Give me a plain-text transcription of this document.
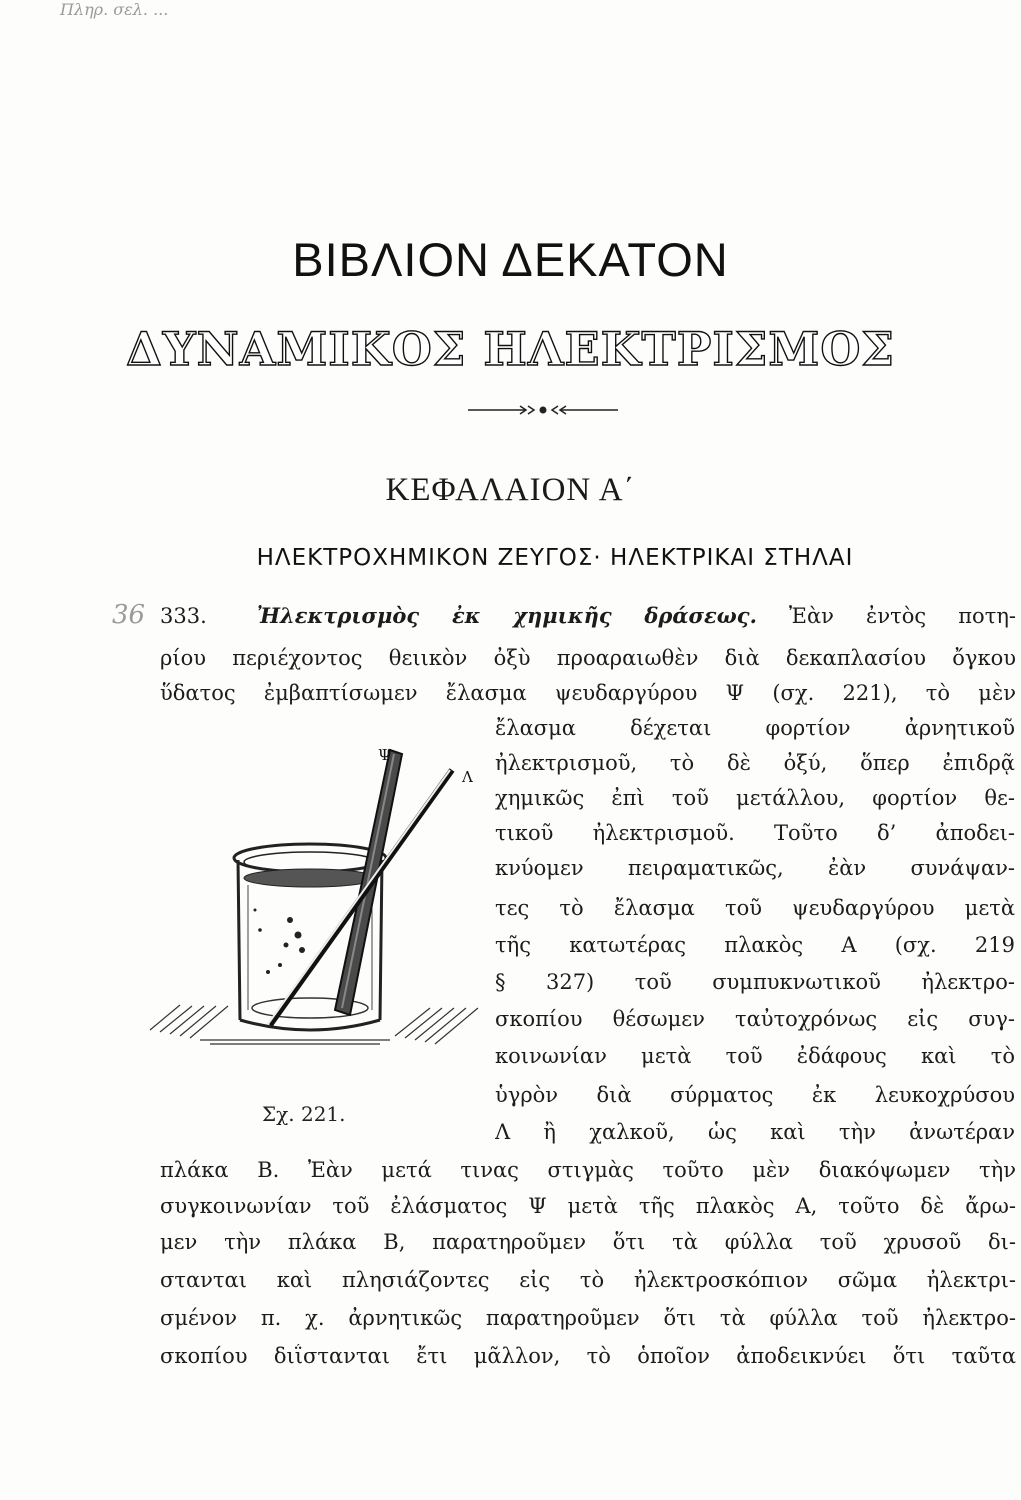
Πληρ. σελ. ...
ΒΙΒΛΙΟΝ ΔΕΚΑΤΟΝ
ΔΥΝΑΜΙΚΟΣ ΗΛΕΚΤΡΙΣΜΟΣ
ΚΕΦΑΛΑΙΟΝ Α΄
ΗΛΕΚΤΡΟΧΗΜΙΚΟΝ ΖΕΥΓΟΣ· ΗΛΕΚΤΡΙΚΑΙ ΣΤΗΛΑΙ
36 333. Ἠλεκτρισμὸς ἐκ χημικῆς δράσεως. Ἐὰν ἐντὸς ποτη-
ρίου περιέχοντος θειικὸν ὀξὺ προαραιωθὲν διὰ δεκαπλασίου ὄγκου
ὕδατος ἐμβαπτίσωμεν ἔλασμα ψευδαργύρου Ψ (σχ. 221), τὸ μὲν
ἔλασμα δέχεται φορτίον ἀρνητικοῦ
ἠλεκτρισμοῦ, τὸ δὲ ὀξύ, ὅπερ ἐπιδρᾷ
χημικῶς ἐπὶ τοῦ μετάλλου, φορτίον θε-
τικοῦ ἠλεκτρισμοῦ. Τοῦτο δ’ ἀποδει-
κνύομεν πειραματικῶς, ἐὰν συνάψαν-
τες τὸ ἔλασμα τοῦ ψευδαργύρου μετὰ
τῆς κατωτέρας πλακὸς Α (σχ. 219
§ 327) τοῦ συμπυκνωτικοῦ ἠλεκτρο-
σκοπίου θέσωμεν ταὐτοχρόνως εἰς συγ-
κοινωνίαν μετὰ τοῦ ἐδάφους καὶ τὸ
ὑγρὸν διὰ σύρματος ἐκ λευκοχρύσου
Λ ἢ χαλκοῦ, ὡς καὶ τὴν ἀνωτέραν
πλάκα Β. Ἐὰν μετά τινας στιγμὰς τοῦτο μὲν διακόψωμεν τὴν
συγκοινωνίαν τοῦ ἐλάσματος Ψ μετὰ τῆς πλακὸς Α, τοῦτο δὲ ἄρω-
μεν τὴν πλάκα Β, παρατηροῦμεν ὅτι τὰ φύλλα τοῦ χρυσοῦ δι-
στανται καὶ πλησιάζοντες εἰς τὸ ἠλεκτροσκόπιον σῶμα ἠλεκτρι-
σμένον π. χ. ἀρνητικῶς παρατηροῦμεν ὅτι τὰ φύλλα τοῦ ἠλεκτρο-
σκοπίου διΐστανται ἔτι μᾶλλον, τὸ ὁποῖον ἀποδεικνύει ὅτι ταῦτα
Ψ
Λ
Σχ. 221.
